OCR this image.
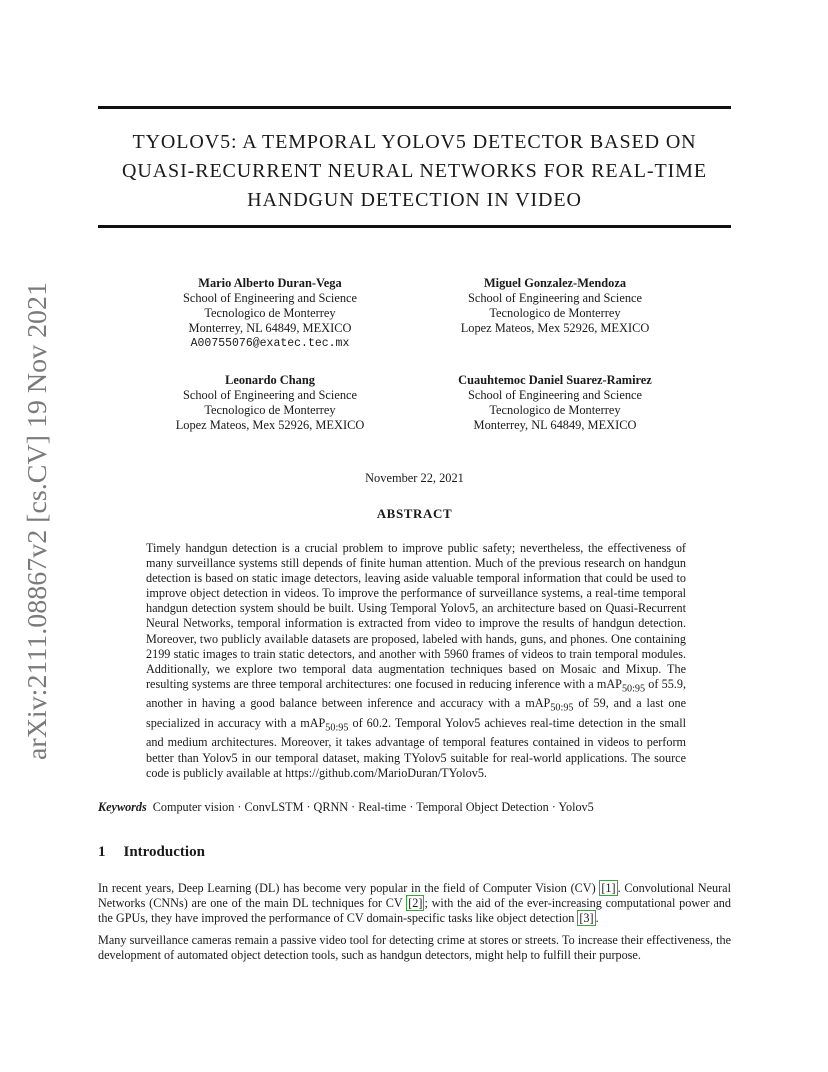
arXiv:2111.08867v2 [cs.CV] 19 Nov 2021
TYOLOV5: A TEMPORAL YOLOV5 DETECTOR BASED ON
QUASI-RECURRENT NEURAL NETWORKS FOR REAL-TIME
HANDGUN DETECTION IN VIDEO
Mario Alberto Duran-Vega
School of Engineering and Science
Tecnologico de Monterrey
Monterrey, NL 64849, MEXICO
A00755076@exatec.tec.mx
Miguel Gonzalez-Mendoza
School of Engineering and Science
Tecnologico de Monterrey
Lopez Mateos, Mex 52926, MEXICO
Leonardo Chang
School of Engineering and Science
Tecnologico de Monterrey
Lopez Mateos, Mex 52926, MEXICO
Cuauhtemoc Daniel Suarez-Ramirez
School of Engineering and Science
Tecnologico de Monterrey
Monterrey, NL 64849, MEXICO
November 22, 2021
ABSTRACT

Timely handgun detection is a crucial problem to improve public safety; nevertheless, the effectiveness of many surveillance systems still depends of finite human attention. Much of the previous research on handgun detection is based on static image detectors, leaving aside valuable temporal information that could be used to improve object detection in videos. To improve the performance of surveillance systems, a real-time temporal handgun detection system should be built. Using Temporal Yolov5, an architecture based on Quasi-Recurrent Neural Networks, temporal information is extracted from video to improve the results of handgun detection. Moreover, two publicly available datasets are proposed, labeled with hands, guns, and phones. One containing 2199 static images to train static detectors, and another with 5960 frames of videos to train temporal modules. Additionally, we explore two temporal data augmentation techniques based on Mosaic and Mixup. The resulting systems are three temporal architectures: one focused in reducing inference with a mAP$_{50:95}$ of 55.9, another in having a good balance between inference and accuracy with a mAP$_{50:95}$ of 59, and a last one specialized in accuracy with a mAP$_{50:95}$ of 60.2. Temporal Yolov5 achieves real-time detection in the small and medium architectures. Moreover, it takes advantage of temporal features contained in videos to perform better than Yolov5 in our temporal dataset, making TYolov5 suitable for real-world applications. The source code is publicly available at https://github.com/MarioDuran/TYolov5.

Keywords Computer vision · ConvLSTM · QRNN · Real-time · Temporal Object Detection · Yolov5
1 Introduction

In recent years, Deep Learning (DL) has become very popular in the field of Computer Vision (CV) [1] . Convolutional Neural Networks (CNNs) are one of the main DL techniques for CV [2] ; with the aid of the ever-increasing computational power and the GPUs, they have improved the performance of CV domain-specific tasks like object detection [3] .

Many surveillance cameras remain a passive video tool for detecting crime at stores or streets. To increase their effectiveness, the development of automated object detection tools, such as handgun detectors, might help to fulfill their purpose.
